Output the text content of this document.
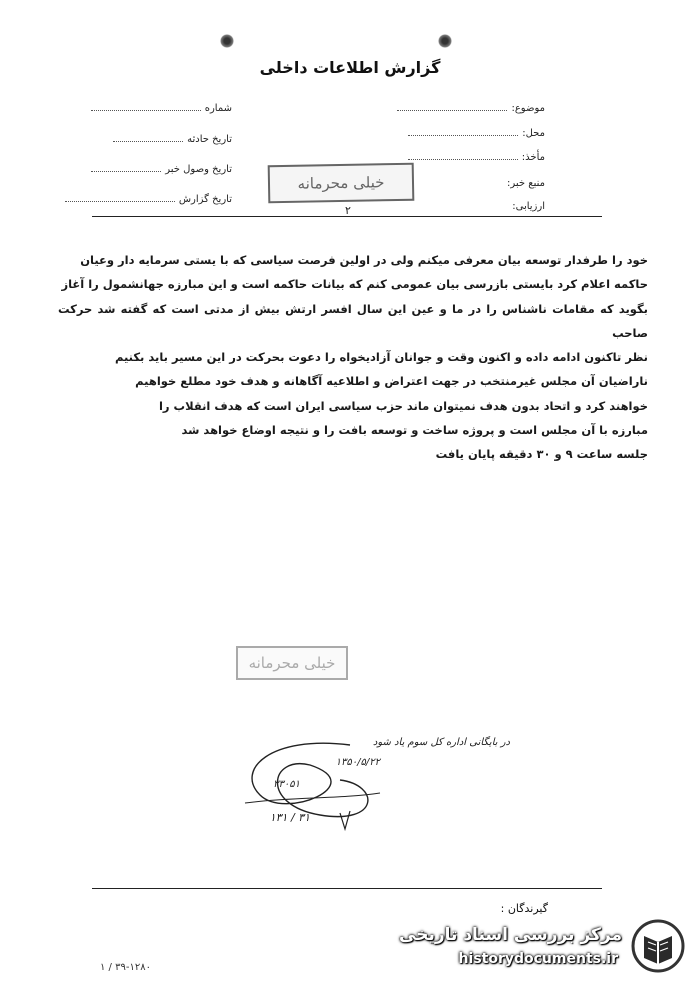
گزارش اطلاعات داخلی
موضوع:
محل:
مأخذ:
منبع خبر:
ارزیابی:
شماره
تاریخ حادثه
تاریخ وصول خبر
تاریخ گزارش
خیلی محرمانه
۲

خود را طرفدار توسعه بیان معرفی میکنم ولی در اولین فرصت سیاسی که با یستی سرمایه دار وعیان

حاکمه اعلام کرد بایستی بازرسی بیان عمومی کنم که بیانات حاکمه است و این مبارزه جهانشمول را آغاز

بگوید که مقامات ناشناس را در ما و عین این سال افسر ارتش بیش از مدتی است که گفته شد حرکت صاحب

نظر تاکنون ادامه داده و اکنون وقت و جوانان آزادیخواه را دعوت بحرکت در این مسیر باید بکنیم

ناراضیان آن مجلس غیرمنتخب در جهت اعتراض و اطلاعیه آگاهانه و هدف خود مطلع خواهیم

خواهند کرد و اتحاد بدون هدف نمیتوان ماند حزب سیاسی ایران است که هدف انقلاب را

مبارزه با آن مجلس است و پروژه ساخت و توسعه بافت را و نتیجه اوضاع خواهد شد

جلسه ساعت ۹ و ۳۰ دقیقه پایان یافت

خیلی محرمانه
در بایگانی اداره کل سوم یاد شود
۱۳۵۰/۵/۲۲
۳۳۰۵۱
۳۱ / ۱۳۱
گیرندگان :
۳۹-۱۲۸۰ / ۱
مرکز بررسی اسناد تاریخی
historydocuments.ir
